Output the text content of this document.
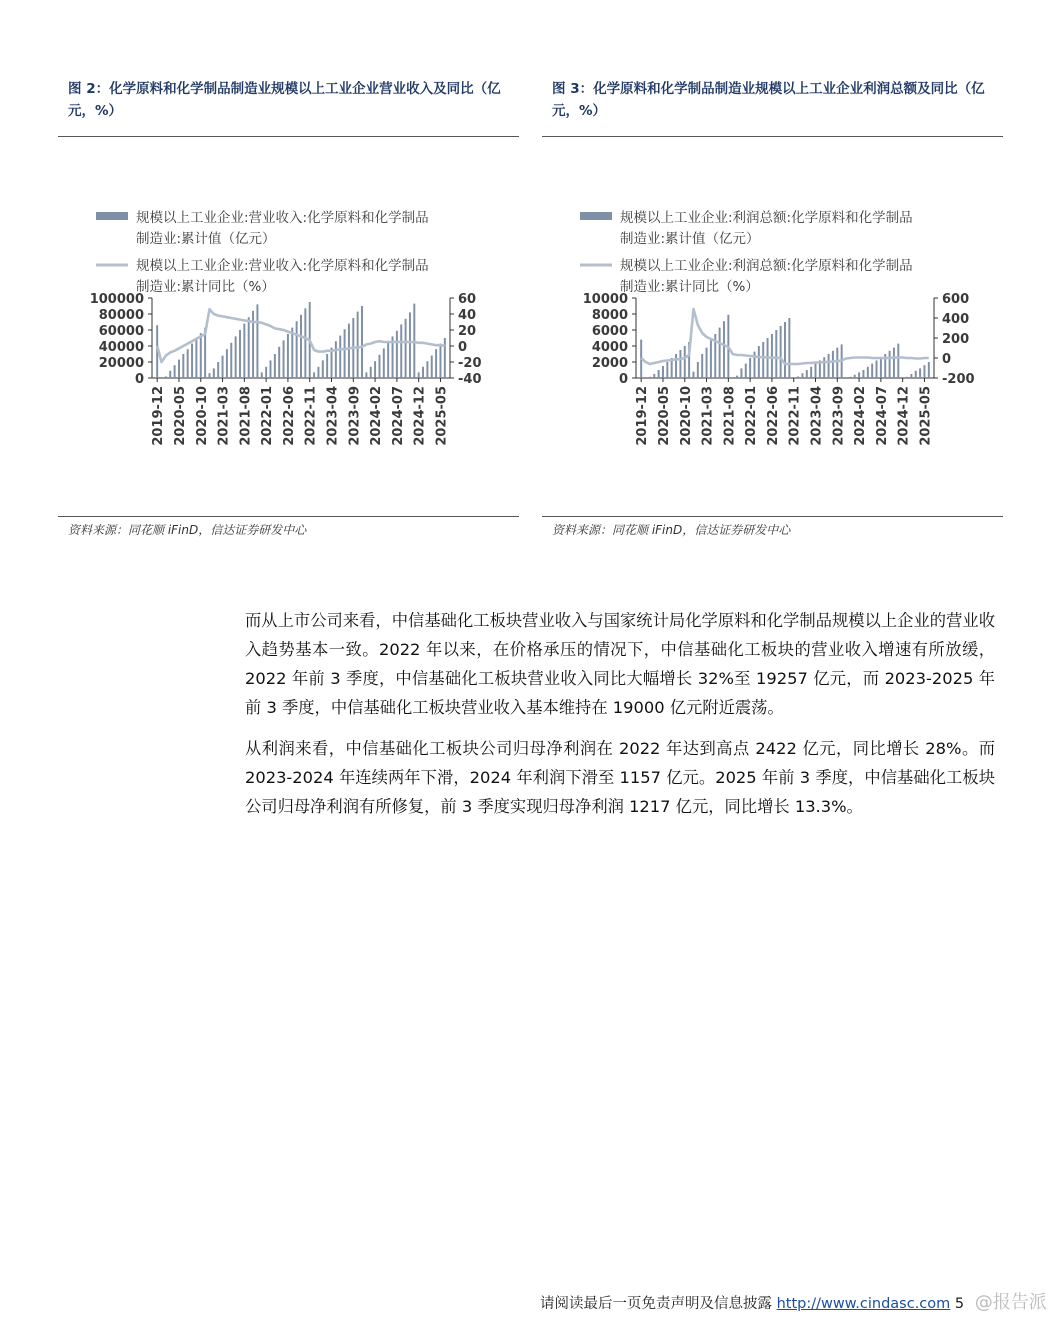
图 2：化学原料和化学制品制造业规模以上工业企业营业收入及同比（亿元，%）
规模以上工业企业:营业收入:化学原料和化学制品
制造业:累计值（亿元）
规模以上工业企业:营业收入:化学原料和化学制品
制造业:累计同比（%）
100000
80000
60000
40000
20000
0
60
40
20
0
-20
-40
2019-12 2020-05 2020-10 2021-03 2021-08 2022-01 2022-06 2022-11 2023-04 2023-09 2024-02 2024-07 2024-12 2025-05
资料来源：同花顺 iFinD，信达证券研发中心
图 3：化学原料和化学制品制造业规模以上工业企业利润总额及同比（亿元，%）
规模以上工业企业:利润总额:化学原料和化学制品
制造业:累计值（亿元）
规模以上工业企业:利润总额:化学原料和化学制品
制造业:累计同比（%）
10000
8000
6000
4000
2000
0
600
400
200
0
-200
2019-12 2020-05 2020-10 2021-03 2021-08 2022-01 2022-06 2022-11 2023-04 2023-09 2024-02 2024-07 2024-12 2025-05
资料来源：同花顺 iFinD，信达证券研发中心

而从上市公司来看，中信基础化工板块营业收入与国家统计局化学原料和化学制品规模以上企业的营业收入趋势基本一致。2022 年以来，在价格承压的情况下，中信基础化工板块的营业收入增速有所放缓，2022 年前 3 季度，中信基础化工板块营业收入同比大幅增长 32%至 19257 亿元，而 2023-2025 年前 3 季度，中信基础化工板块营业收入基本维持在 19000 亿元附近震荡。

从利润来看，中信基础化工板块公司归母净利润在 2022 年达到高点 2422 亿元，同比增长 28%。而 2023-2024 年连续两年下滑，2024 年利润下滑至 1157 亿元。2025 年前 3 季度，中信基础化工板块公司归母净利润有所修复，前 3 季度实现归母净利润 1217 亿元，同比增长 13.3%。

请阅读最后一页免责声明及信息披露 http://www.cindasc.com 5 @报告派
